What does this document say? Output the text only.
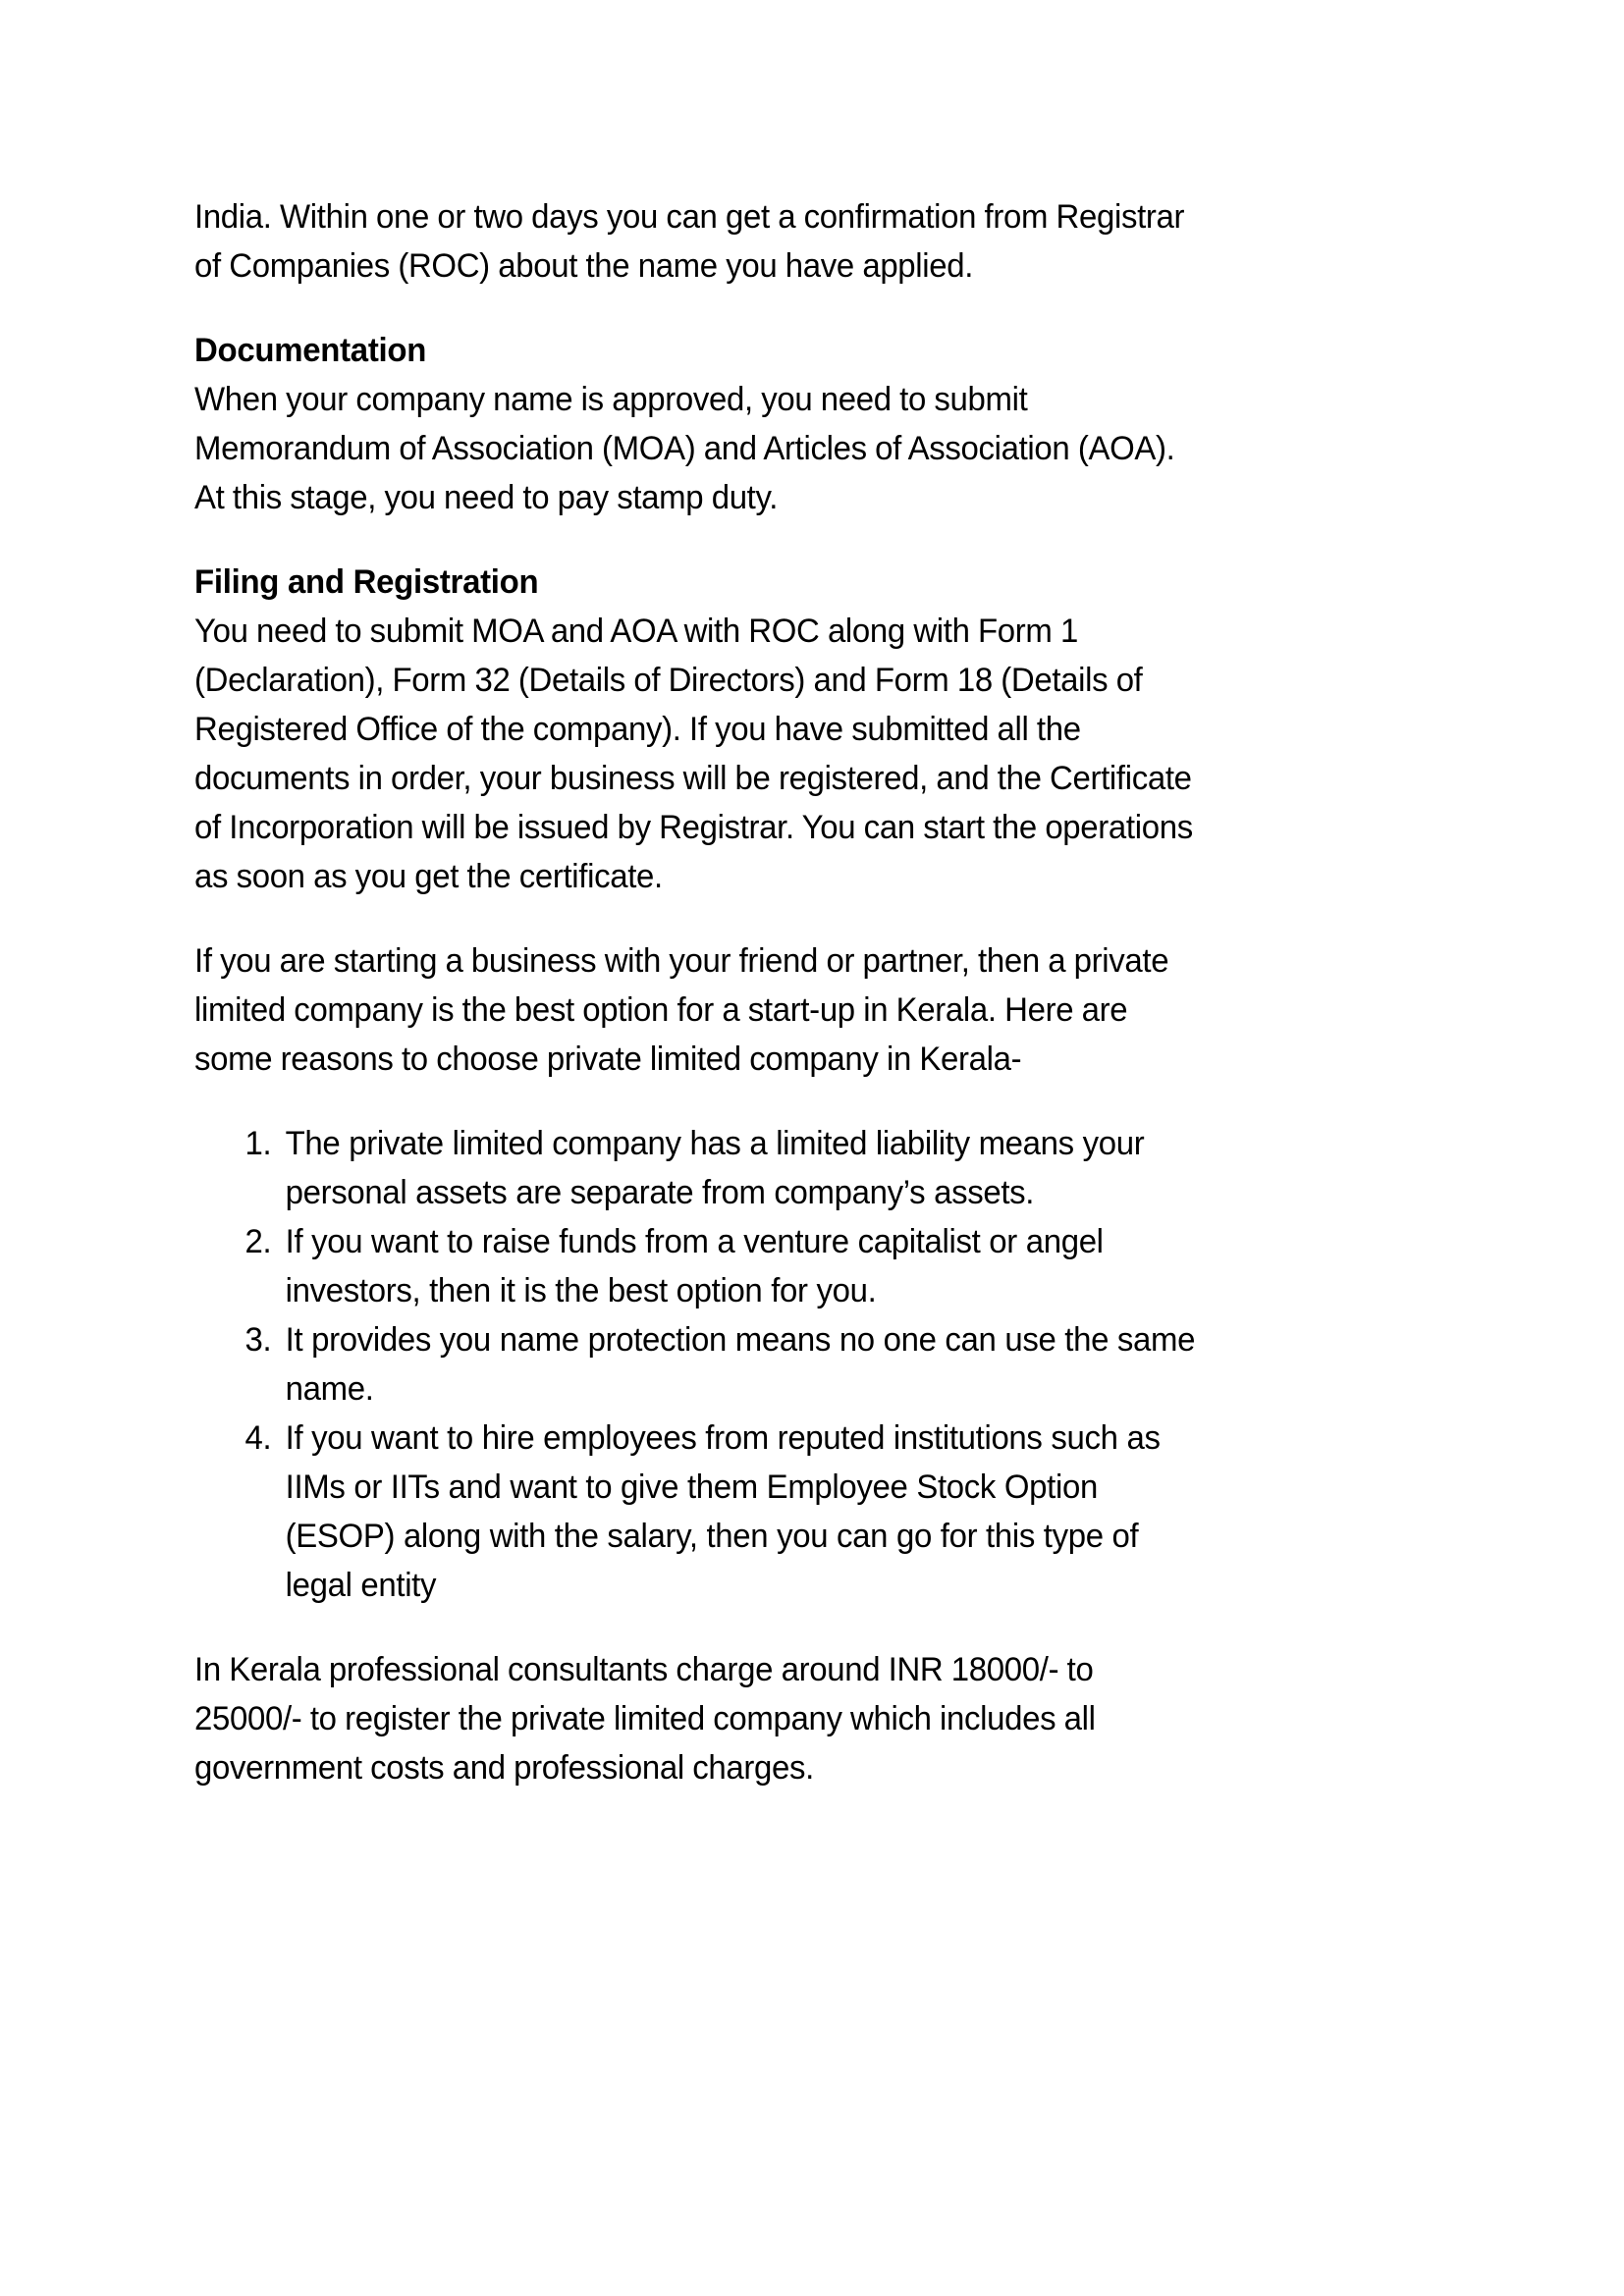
India. Within one or two days you can get a confirmation from Registrar of Companies (ROC) about the name you have applied.

Documentation

When your company name is approved, you need to submit Memorandum of Association (MOA) and Articles of Association (AOA). At this stage, you need to pay stamp duty.

Filing and Registration

You need to submit MOA and AOA with ROC along with Form 1 (Declaration), Form 32 (Details of Directors) and Form 18 (Details of Registered Office of the company). If you have submitted all the documents in order, your business will be registered, and the Certificate of Incorporation will be issued by Registrar. You can start the operations as soon as you get the certificate.

If you are starting a business with your friend or partner, then a private limited company is the best option for a start-up in Kerala. Here are some reasons to choose private limited company in Kerala-

The private limited company has a limited liability means your personal assets are separate from company’s assets.
If you want to raise funds from a venture capitalist or angel investors, then it is the best option for you.
It provides you name protection means no one can use the same name.
If you want to hire employees from reputed institutions such as IIMs or IITs and want to give them Employee Stock Option (ESOP) along with the salary, then you can go for this type of legal entity

In Kerala professional consultants charge around INR 18000/- to 25000/- to register the private limited company which includes all government costs and professional charges.
